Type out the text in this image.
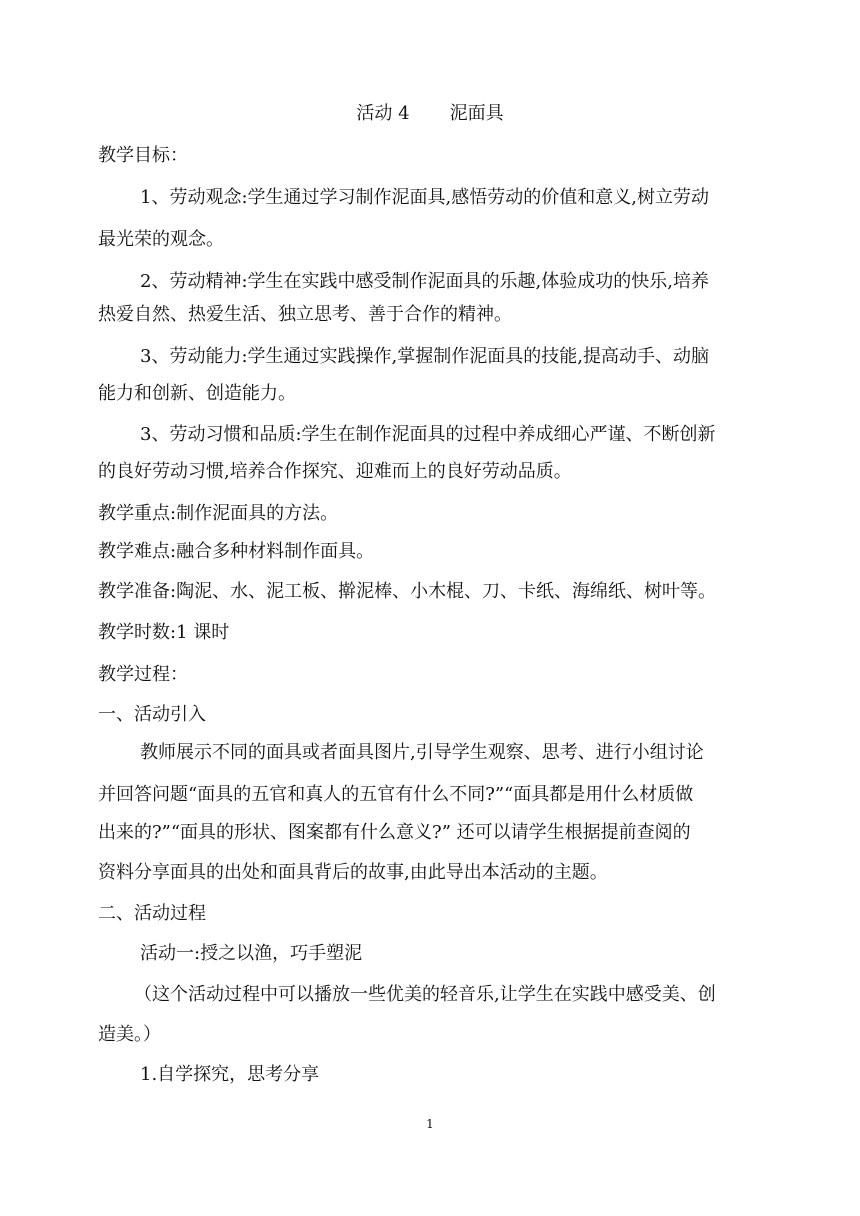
活动 4 泥面具
教学目标：
1、劳动观念:学生通过学习制作泥面具,感悟劳动的价值和意义,树立劳动
最光荣的观念。
2、劳动精神:学生在实践中感受制作泥面具的乐趣,体验成功的快乐,培养
热爱自然、热爱生活、独立思考、善于合作的精神。
3、劳动能力:学生通过实践操作,掌握制作泥面具的技能,提高动手、动脑
能力和创新、创造能力。
3、劳动习惯和品质:学生在制作泥面具的过程中养成细心严谨、不断创新
的良好劳动习惯,培养合作探究、迎难而上的良好劳动品质。
教学重点:制作泥面具的方法。
教学难点:融合多种材料制作面具。
教学准备:陶泥、水、泥工板、擀泥棒、小木棍、刀、卡纸、海绵纸、树叶等。
教学时数:1 课时
教学过程：
一、活动引入
教师展示不同的面具或者面具图片,引导学生观察、思考、进行小组讨论
并回答问题“面具的五官和真人的五官有什么不同?”“面具都是用什么材质做
出来的?”“面具的形状、图案都有什么意义?” 还可以请学生根据提前查阅的
资料分享面具的出处和面具背后的故事,由此导出本活动的主题。
二、活动过程
活动一:授之以渔，巧手塑泥
（这个活动过程中可以播放一些优美的轻音乐,让学生在实践中感受美、创
造美。）
1.自学探究，思考分享
1
